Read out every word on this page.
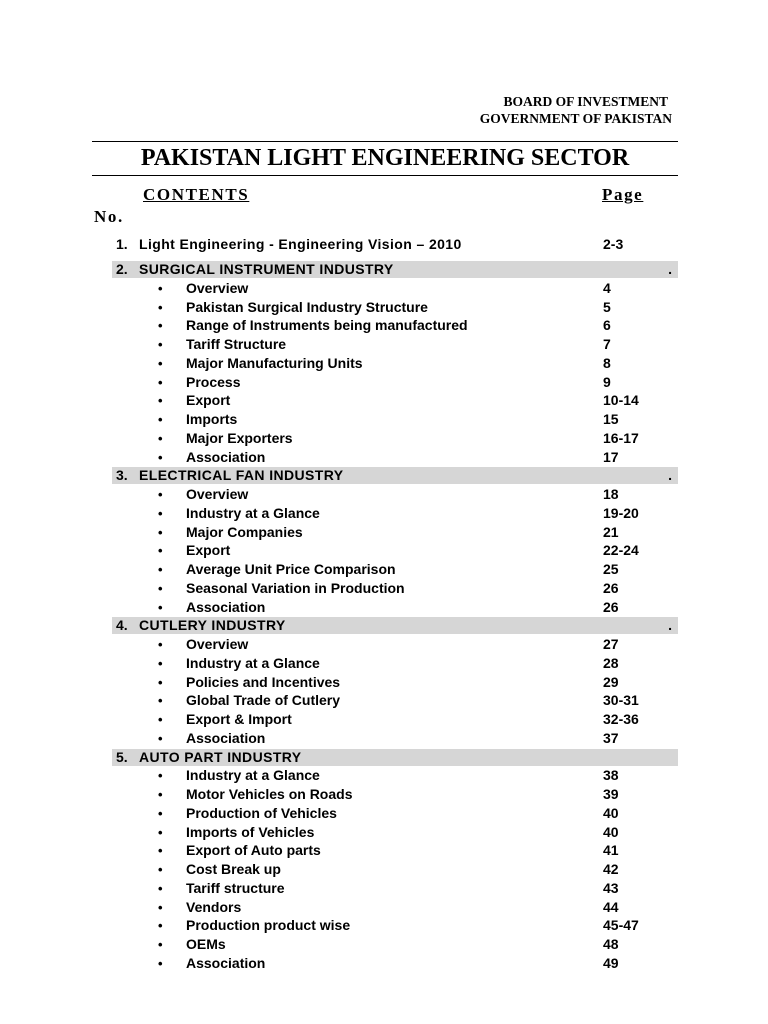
BOARD OF INVESTMENT
GOVERNMENT OF PAKISTAN
PAKISTAN LIGHT ENGINEERING SECTOR
CONTENTS	Page
No.
1. Light Engineering - Engineering Vision – 2010	2-3
2. SURGICAL INSTRUMENT INDUSTRY	.
• Overview	4
• Pakistan Surgical Industry Structure	5
• Range of Instruments being manufactured	6
• Tariff Structure	7
• Major Manufacturing Units	8
• Process	9
• Export	10-14
• Imports	15
• Major Exporters	16-17
• Association	17
3. ELECTRICAL FAN INDUSTRY	.
• Overview	18
• Industry at a Glance	19-20
• Major Companies	21
• Export	22-24
• Average Unit Price Comparison	25
• Seasonal Variation in Production	26
• Association	26
4. CUTLERY INDUSTRY	.
• Overview	27
• Industry at a Glance	28
• Policies and Incentives	29
• Global Trade of Cutlery	30-31
• Export & Import	32-36
• Association	37
5. AUTO PART INDUSTRY
• Industry at a Glance	38
• Motor Vehicles on Roads	39
• Production of Vehicles	40
• Imports of Vehicles	40
• Export of Auto parts	41
• Cost Break up	42
• Tariff structure	43
• Vendors	44
• Production product wise	45-47
• OEMs	48
• Association	49
